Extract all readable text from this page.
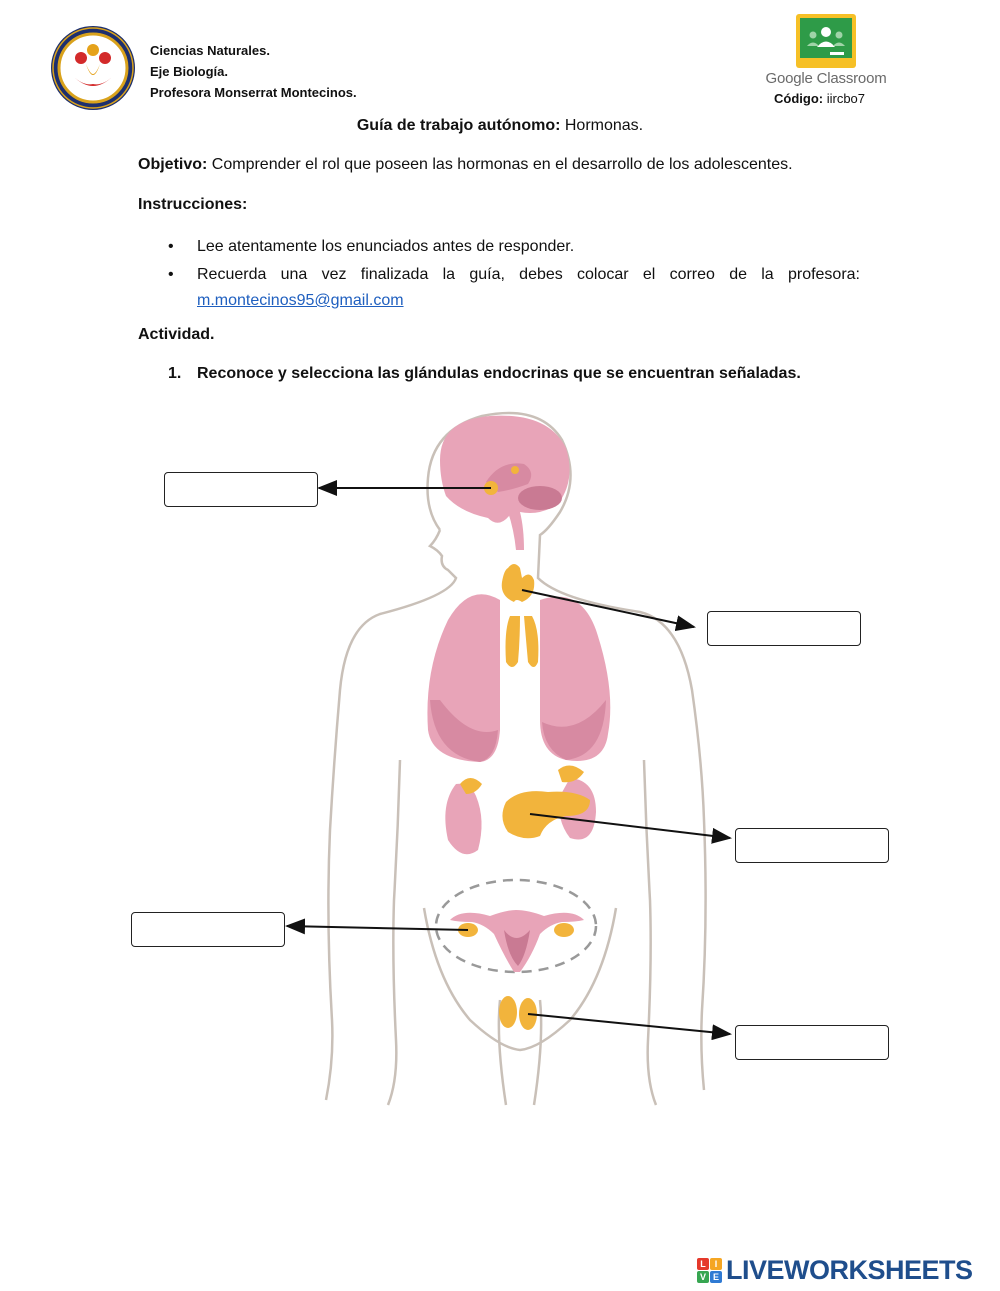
Ciencias Naturales.
Eje Biología.
Profesora Monserrat Montecinos.
Google Classroom
Código: iircbo7
Guía de trabajo autónomo: Hormonas.
Objetivo: Comprender el rol que poseen las hormonas en el desarrollo de los adolescentes.
Instrucciones:
• Lee atentamente los enunciados antes de responder.
• Recuerda una vez finalizada la guía, debes colocar el correo de la profesora:
m.montecinos95@gmail.com
Actividad.
1. Reconoce y selecciona las glándulas endocrinas que se encuentran señaladas.
L I
V E LIVEWORKSHEETS
